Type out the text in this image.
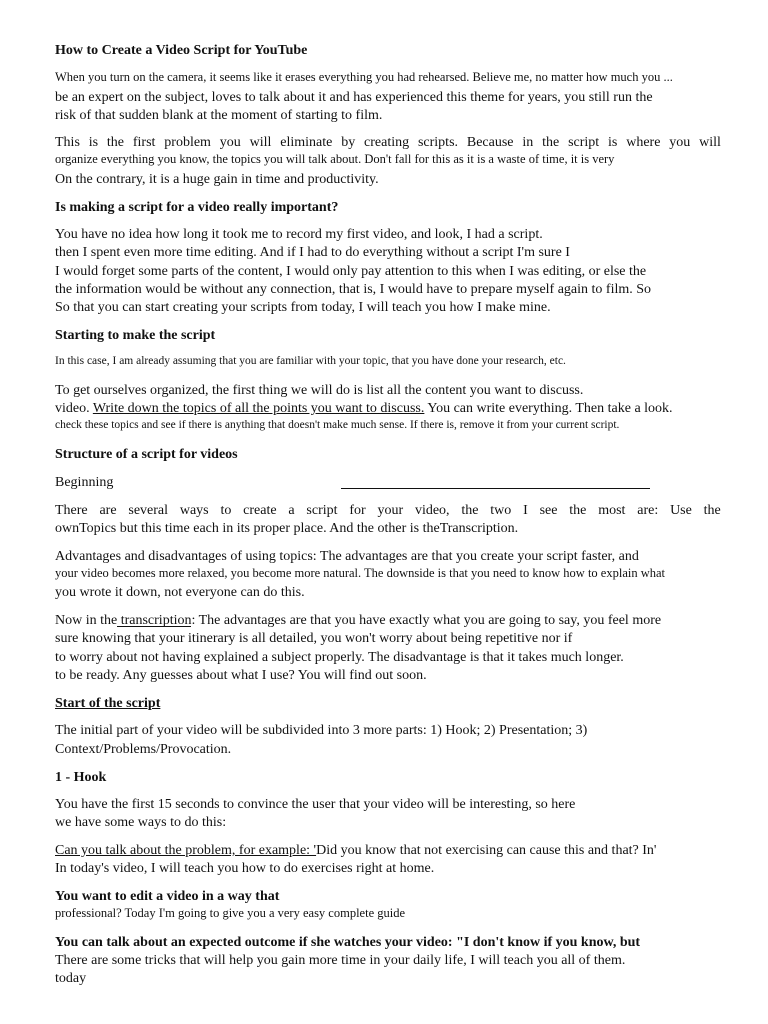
How to Create a Video Script for YouTube
When you turn on the camera, it seems like it erases everything you had rehearsed. Believe me, no matter how much you ...
be an expert on the subject, loves to talk about it and has experienced this theme for years, you still run the
risk of that sudden blank at the moment of starting to film.
This is the first problem you will eliminate by creating scripts. Because in the script is where you will
organize everything you know, the topics you will talk about. Don't fall for this as it is a waste of time, it is very
On the contrary, it is a huge gain in time and productivity.
Is making a script for a video really important?
You have no idea how long it took me to record my first video, and look, I had a script.
then I spent even more time editing. And if I had to do everything without a script I'm sure I
I would forget some parts of the content, I would only pay attention to this when I was editing, or else the
the information would be without any connection, that is, I would have to prepare myself again to film. So
So that you can start creating your scripts from today, I will teach you how I make mine.
Starting to make the script
In this case, I am already assuming that you are familiar with your topic, that you have done your research, etc.
To get ourselves organized, the first thing we will do is list all the content you want to discuss.
video. Write down the topics of all the points you want to discuss. You can write everything. Then take a look.
check these topics and see if there is anything that doesn't make much sense. If there is, remove it from your current script.
Structure of a script for videos
Beginning
There are several ways to create a script for your video, the two I see the most are: Use the
ownTopics but this time each in its proper place. And the other is theTranscription.
Advantages and disadvantages of using topics: The advantages are that you create your script faster, and
your video becomes more relaxed, you become more natural. The downside is that you need to know how to explain what
you wrote it down, not everyone can do this.
Now in the transcription: The advantages are that you have exactly what you are going to say, you feel more
sure knowing that your itinerary is all detailed, you won't worry about being repetitive nor if
to worry about not having explained a subject properly. The disadvantage is that it takes much longer.
to be ready. Any guesses about what I use? You will find out soon.
Start of the script
The initial part of your video will be subdivided into 3 more parts: 1) Hook; 2) Presentation; 3)
Context/Problems/Provocation.
1 - Hook
You have the first 15 seconds to convince the user that your video will be interesting, so here
we have some ways to do this:
Can you talk about the problem, for example: 'Did you know that not exercising can cause this and that? In'
In today's video, I will teach you how to do exercises right at home.
You want to edit a video in a way that
professional? Today I'm going to give you a very easy complete guide
You can talk about an expected outcome if she watches your video: "I don't know if you know, but
There are some tricks that will help you gain more time in your daily life, I will teach you all of them.
today
